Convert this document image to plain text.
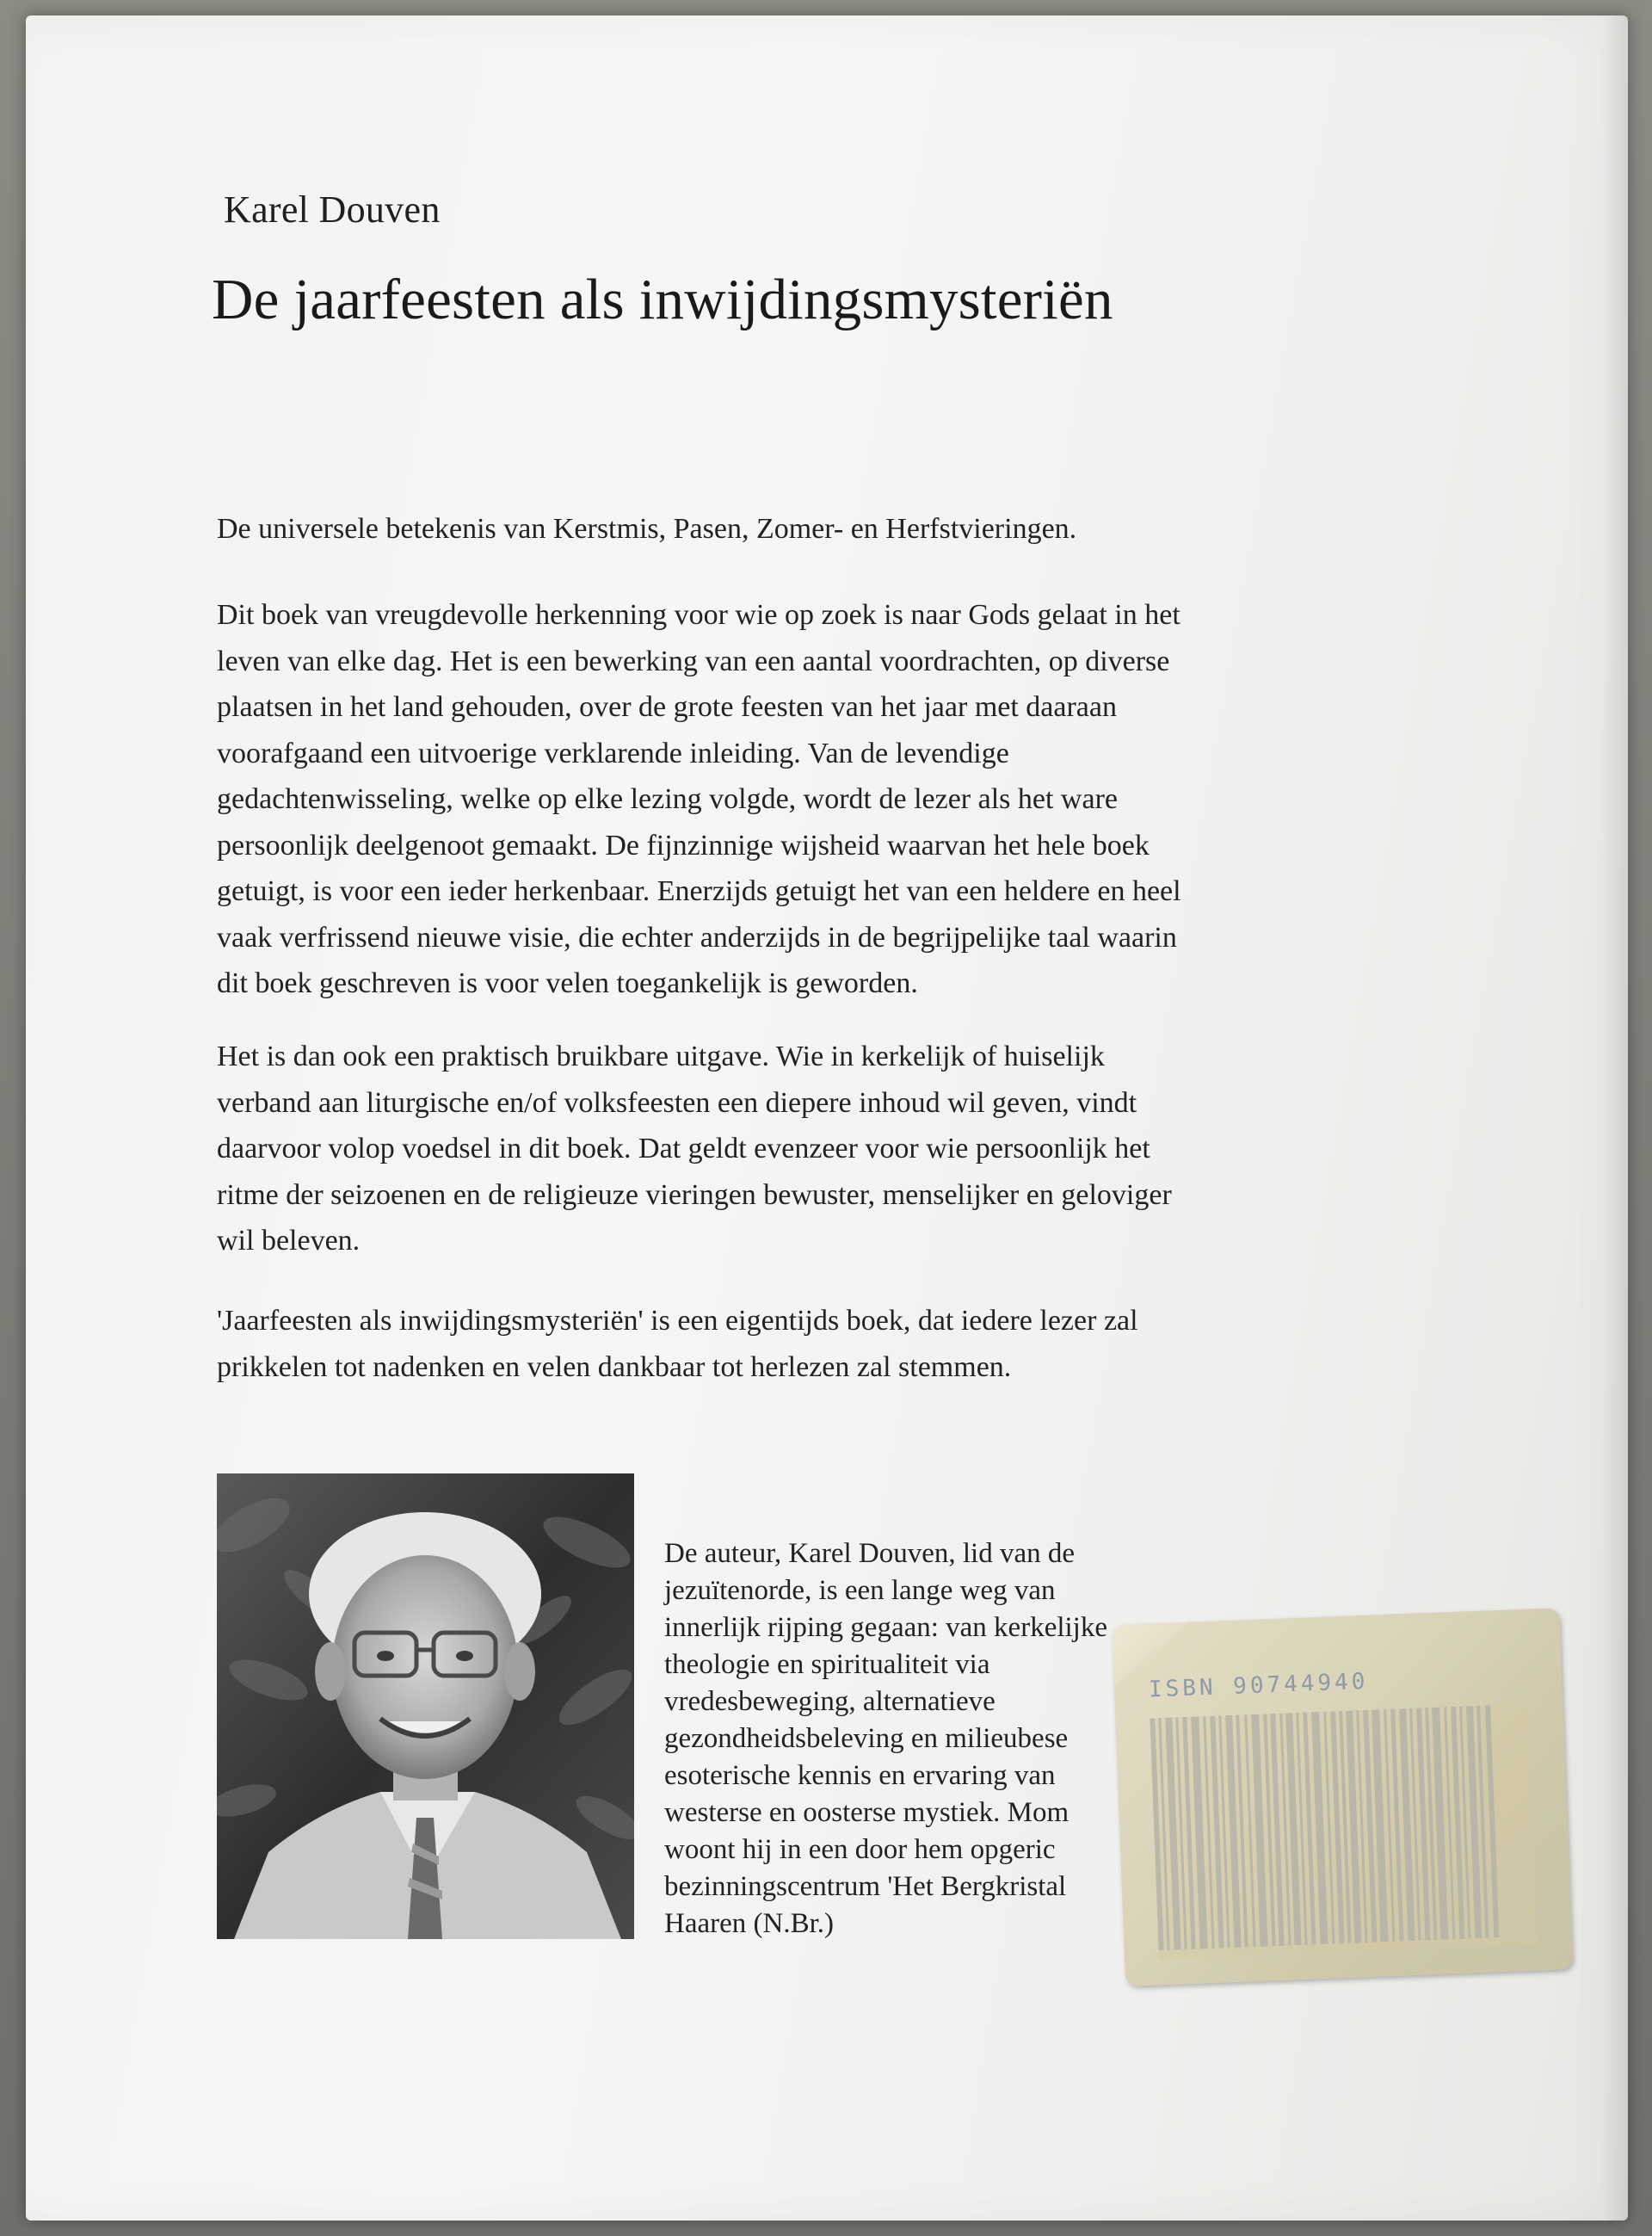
Karel Douven
De jaarfeesten als inwijdingsmysteriën

De universele betekenis van Kerstmis, Pasen, Zomer- en Herfstvieringen.

Dit boek van vreugdevolle herkenning voor wie op zoek is naar Gods gelaat in het

leven van elke dag. Het is een bewerking van een aantal voordrachten, op diverse

plaatsen in het land gehouden, over de grote feesten van het jaar met daaraan

voorafgaand een uitvoerige verklarende inleiding. Van de levendige

gedachtenwisseling, welke op elke lezing volgde, wordt de lezer als het ware

persoonlijk deelgenoot gemaakt. De fijnzinnige wijsheid waarvan het hele boek

getuigt, is voor een ieder herkenbaar. Enerzijds getuigt het van een heldere en heel

vaak verfrissend nieuwe visie, die echter anderzijds in de begrijpelijke taal waarin

dit boek geschreven is voor velen toegankelijk is geworden.

Het is dan ook een praktisch bruikbare uitgave. Wie in kerkelijk of huiselijk

verband aan liturgische en/of volksfeesten een diepere inhoud wil geven, vindt

daarvoor volop voedsel in dit boek. Dat geldt evenzeer voor wie persoonlijk het

ritme der seizoenen en de religieuze vieringen bewuster, menselijker en geloviger

wil beleven.

'Jaarfeesten als inwijdingsmysteriën' is een eigentijds boek, dat iedere lezer zal

prikkelen tot nadenken en velen dankbaar tot herlezen zal stemmen.

De auteur, Karel Douven, lid van de
jezuïtenorde, is een lange weg van
innerlijk rijping gegaan: van kerkelijke
theologie en spiritualiteit via
vredesbeweging, alternatieve
gezondheidsbeleving en milieubese
esoterische kennis en ervaring van
westerse en oosterse mystiek. Mom
woont hij in een door hem opgeric
bezinningscentrum 'Het Bergkristal
Haaren (N.Br.)
ISBN 90744940
